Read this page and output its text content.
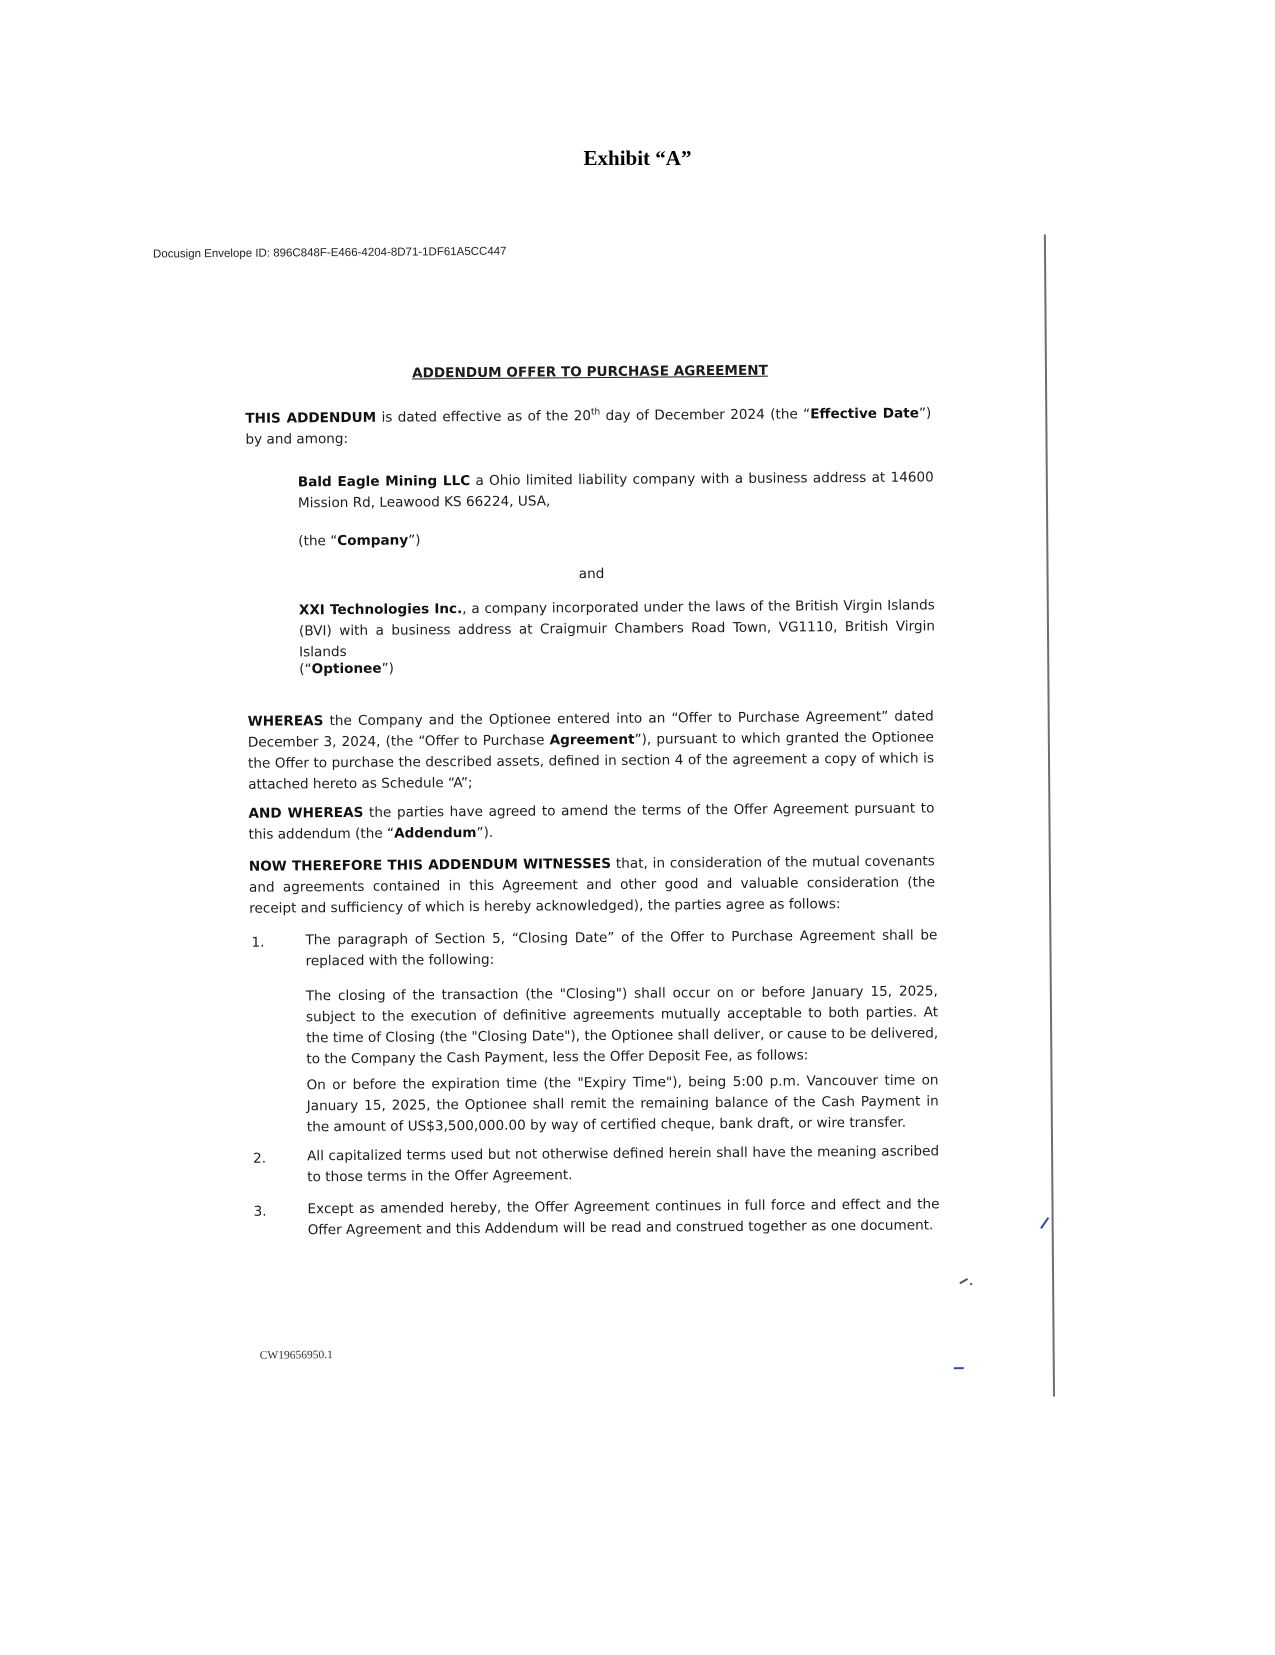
Exhibit “A”
Docusign Envelope ID: 896C848F-E466-4204-8D71-1DF61A5CC447
ADDENDUM OFFER TO PURCHASE AGREEMENT
THIS ADDENDUM is dated effective as of the 20th day of December 2024 (the “Effective Date”) by and among:
Bald Eagle Mining LLC a Ohio limited liability company with a business address at 14600 Mission Rd, Leawood KS 66224, USA,
(the “Company”)
and
XXI Technologies Inc., a company incorporated under the laws of the British Virgin Islands (BVI) with a business address at Craigmuir Chambers Road Town, VG1110, British Virgin Islands
(“Optionee”)
WHEREAS the Company and the Optionee entered into an “Offer to Purchase Agreement” dated December 3, 2024, (the “Offer to Purchase Agreement”), pursuant to which granted the Optionee the Offer to purchase the described assets, defined in section 4 of the agreement a copy of which is attached hereto as Schedule “A”;
AND WHEREAS the parties have agreed to amend the terms of the Offer Agreement pursuant to this addendum (the “Addendum”).
NOW THEREFORE THIS ADDENDUM WITNESSES that, in consideration of the mutual covenants and agreements contained in this Agreement and other good and valuable consideration (the receipt and sufficiency of which is hereby acknowledged), the parties agree as follows:
1.	The paragraph of Section 5, “Closing Date” of the Offer to Purchase Agreement shall be replaced with the following:
The closing of the transaction (the "Closing") shall occur on or before January 15, 2025, subject to the execution of definitive agreements mutually acceptable to both parties. At the time of Closing (the "Closing Date"), the Optionee shall deliver, or cause to be delivered, to the Company the Cash Payment, less the Offer Deposit Fee, as follows:
On or before the expiration time (the "Expiry Time"), being 5:00 p.m. Vancouver time on January 15, 2025, the Optionee shall remit the remaining balance of the Cash Payment in the amount of US$3,500,000.00 by way of certified cheque, bank draft, or wire transfer.
2.	All capitalized terms used but not otherwise defined herein shall have the meaning ascribed to those terms in the Offer Agreement.
3.	Except as amended hereby, the Offer Agreement continues in full force and effect and the Offer Agreement and this Addendum will be read and construed together as one document.
CW19656950.1
